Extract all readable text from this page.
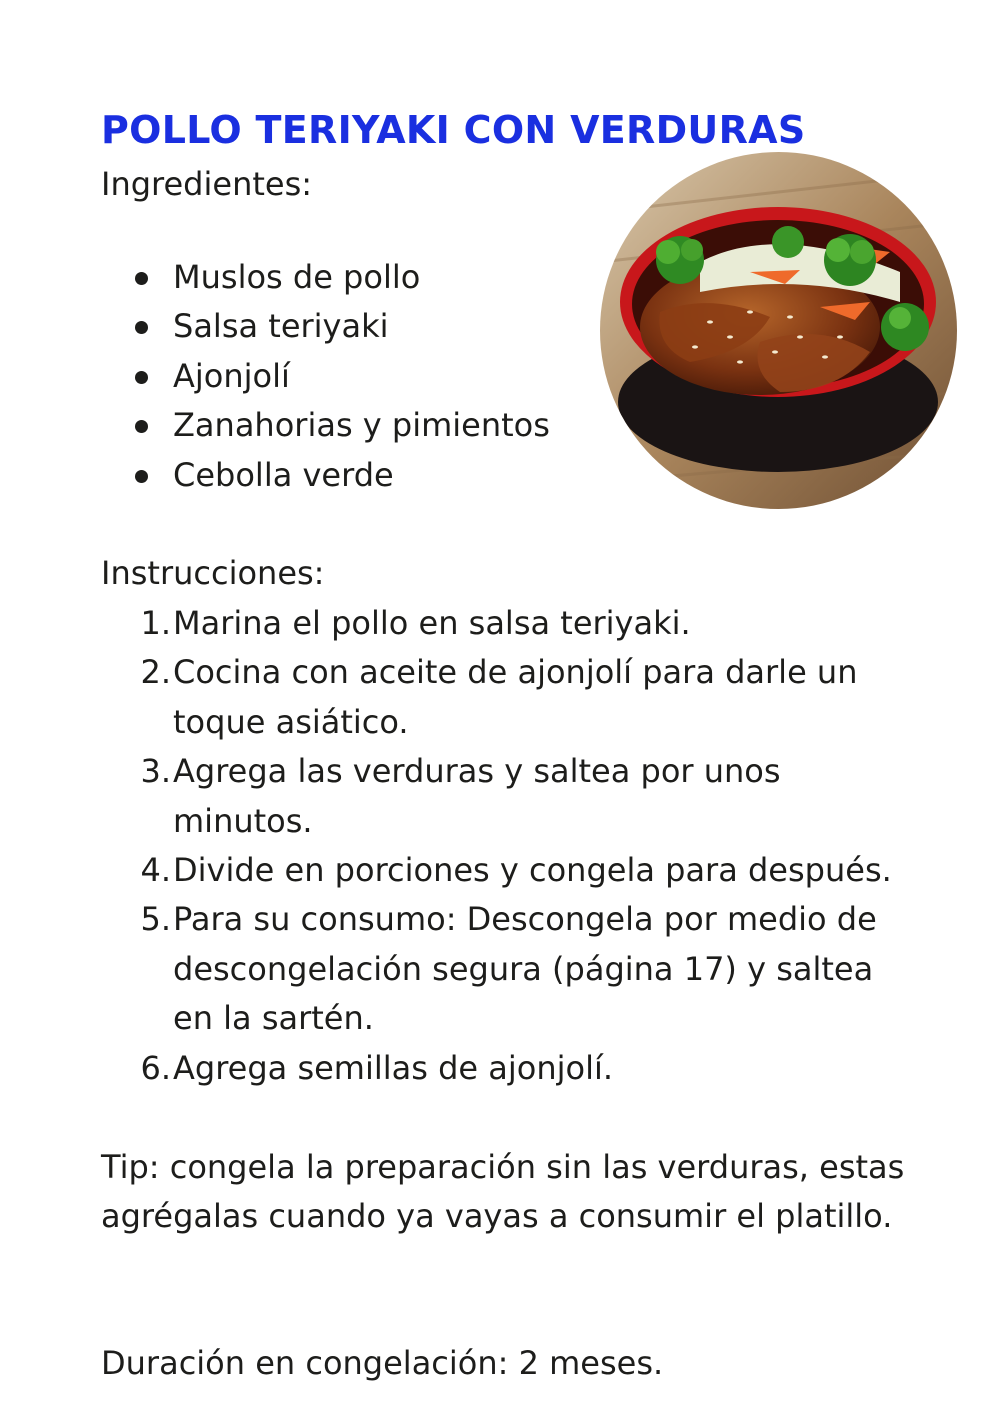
POLLO TERIYAKI CON VERDURAS

Ingredientes:

Muslos de pollo
Salsa teriyaki
Ajonjolí
Zanahorias y pimientos
Cebolla verde

Instrucciones:

1. Marina el pollo en salsa teriyaki.
2. Cocina con aceite de ajonjolí para darle un toque asiático.
3. Agrega las verduras y saltea por unos minutos.
4. Divide en porciones y congela para después.
5. Para su consumo: Descongela por medio de descongelación segura (página 17) y saltea en la sartén.
6. Agrega semillas de ajonjolí.

Tip: congela la preparación sin las verduras, estas agrégalas cuando ya vayas a consumir el platillo.

Duración en congelación: 2 meses.
